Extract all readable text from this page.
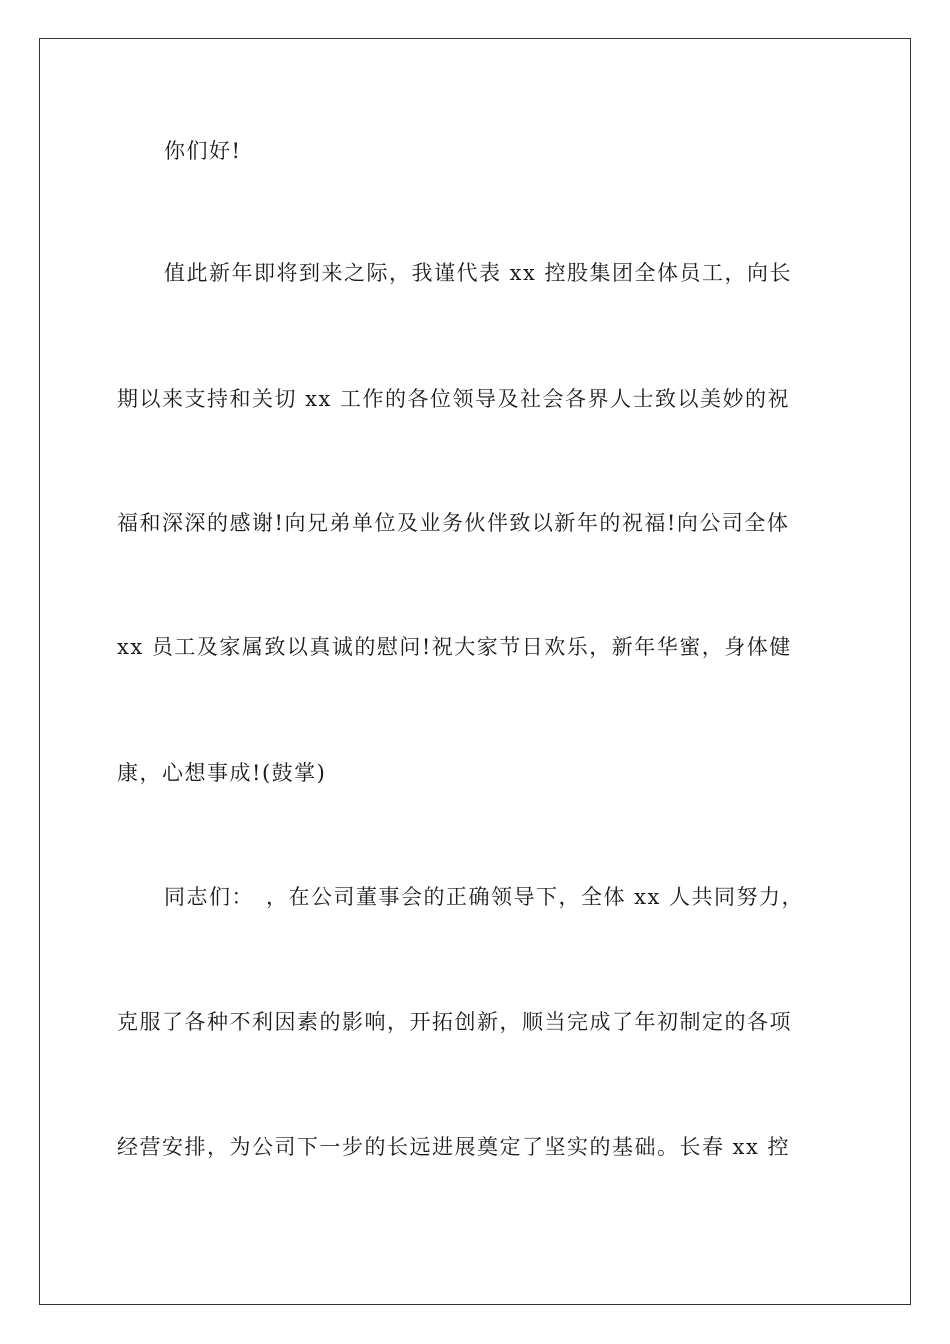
你们好!
值此新年即将到来之际，我谨代表 xx 控股集团全体员工，向长
期以来支持和关切 xx 工作的各位领导及社会各界人士致以美妙的祝
福和深深的感谢!向兄弟单位及业务伙伴致以新年的祝福!向公司全体
xx 员工及家属致以真诚的慰问!祝大家节日欢乐，新年华蜜，身体健
康，心想事成!(鼓掌)
同志们：　，在公司董事会的正确领导下，全体 xx 人共同努力，
克服了各种不利因素的影响，开拓创新，顺当完成了年初制定的各项
经营安排，为公司下一步的长远进展奠定了坚实的基础。长春 xx 控
